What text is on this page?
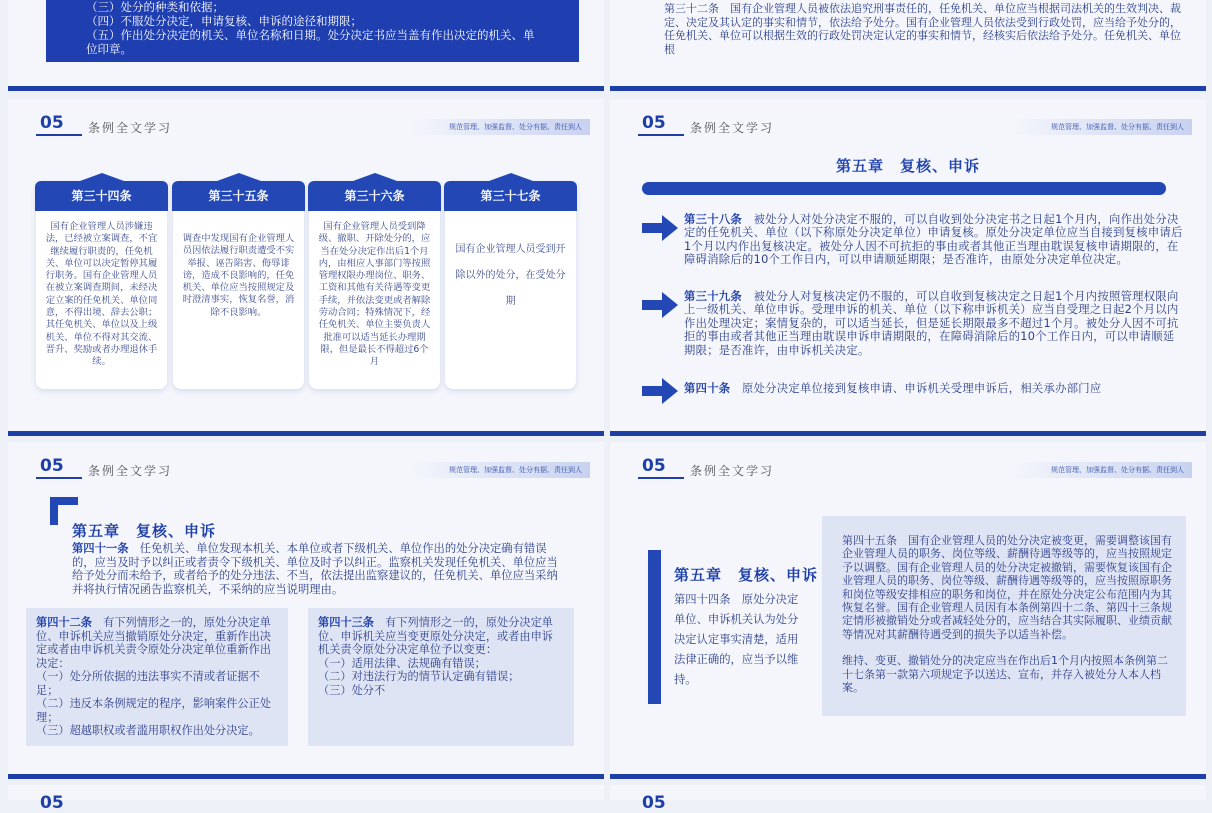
（三）处分的种类和依据；

（四）不服处分决定，申请复核、申诉的途径和期限；

（五）作出处分决定的机关、单位名称和日期。处分决定书应当盖有作出决定的机关、单

位印章。

第三十二条　国有企业管理人员被依法追究刑事责任的，任免机关、单位应当根据司法机关的生效判决、裁定、决定及其认定的事实和情节，依法给予处分。国有企业管理人员依法受到行政处罚，应当给予处分的，任免机关、单位可以根据生效的行政处罚决定认定的事实和情节，经核实后依法给予处分。任免机关、单位根
05 条例全文学习	规范管理、加强监督、处分有据、责任到人
第三十四条
国有企业管理人员涉嫌违法，已经被立案调查，不宜继续履行职责的，任免机关、单位可以决定暂停其履行职务。国有企业管理人员在被立案调查期间，未经决定立案的任免机关、单位同意，不得出境、辞去公职；其任免机关、单位以及上级机关、单位不得对其交流、晋升、奖励或者办理退休手续。
第三十五条
调查中发现国有企业管理人员因依法履行职责遭受不实举报、诬告陷害、侮辱诽谤，造成不良影响的，任免机关、单位应当按照规定及时澄清事实，恢复名誉，消除不良影响。
第三十六条
国有企业管理人员受到降级、撤职、开除处分的，应当在处分决定作出后1个月内，由相应人事部门等按照管理权限办理岗位、职务、工资和其他有关待遇等变更手续，并依法变更或者解除劳动合同；特殊情况下，经任免机关、单位主要负责人批准可以适当延长办理期限，但是最长不得超过6个月
第三十七条
国有企业管理人员受到开除以外的处分，在受处分期
05 条例全文学习	规范管理、加强监督、处分有据、责任到人
第五章　复核、申诉
第三十八条　被处分人对处分决定不服的，可以自收到处分决定书之日起1个月内，向作出处分决定的任免机关、单位（以下称原处分决定单位）申请复核。原处分决定单位应当自接到复核申请后1个月以内作出复核决定。被处分人因不可抗拒的事由或者其他正当理由耽误复核申请期限的，在障碍消除后的10个工作日内，可以申请顺延期限；是否准许，由原处分决定单位决定。
第三十九条　被处分人对复核决定仍不服的，可以自收到复核决定之日起1个月内按照管理权限向上一级机关、单位申诉。受理申诉的机关、单位（以下称申诉机关）应当自受理之日起2个月以内作出处理决定；案情复杂的，可以适当延长，但是延长期限最多不超过1个月。被处分人因不可抗拒的事由或者其他正当理由耽误申诉申请期限的，在障碍消除后的10个工作日内，可以申请顺延期限；是否准许，由申诉机关决定。
第四十条　原处分决定单位接到复核申请、申诉机关受理申诉后，相关承办部门应
05 条例全文学习	规范管理、加强监督、处分有据、责任到人
第五章　复核、申诉
第四十一条　任免机关、单位发现本机关、本单位或者下级机关、单位作出的处分决定确有错误的，应当及时予以纠正或者责令下级机关、单位及时予以纠正。监察机关发现任免机关、单位应当给予处分而未给予，或者给予的处分违法、不当，依法提出监察建议的，任免机关、单位应当采纳并将执行情况函告监察机关，不采纳的应当说明理由。
第四十二条　有下列情形之一的，原处分决定单位、申诉机关应当撤销原处分决定，重新作出决定或者由申诉机关责令原处分决定单位重新作出决定：
（一）处分所依据的违法事实不清或者证据不足；
（二）违反本条例规定的程序，影响案件公正处理；
（三）超越职权或者滥用职权作出处分决定。
第四十三条　有下列情形之一的，原处分决定单位、申诉机关应当变更原处分决定，或者由申诉机关责令原处分决定单位予以变更：
（一）适用法律、法规确有错误；
（二）对违法行为的情节认定确有错误；
（三）处分不
05 条例全文学习	规范管理、加强监督、处分有据、责任到人
第五章　复核、申诉
第四十四条　原处分决定单位、申诉机关认为处分决定认定事实清楚，适用法律正确的，应当予以维持。

第四十五条　国有企业管理人员的处分决定被变更，需要调整该国有企业管理人员的职务、岗位等级、薪酬待遇等级等的，应当按照规定予以调整。国有企业管理人员的处分决定被撤销，需要恢复该国有企业管理人员的职务、岗位等级、薪酬待遇等级等的，应当按照原职务和岗位等级安排相应的职务和岗位，并在原处分决定公布范围内为其恢复名誉。国有企业管理人员因有本条例第四十二条、第四十三条规定情形被撤销处分或者减轻处分的，应当结合其实际履职、业绩贡献等情况对其薪酬待遇受到的损失予以适当补偿。

维持、变更、撤销处分的决定应当在作出后1个月内按照本条例第二十七条第一款第六项规定予以送达、宣布，并存入被处分人本人档案。

05	05
